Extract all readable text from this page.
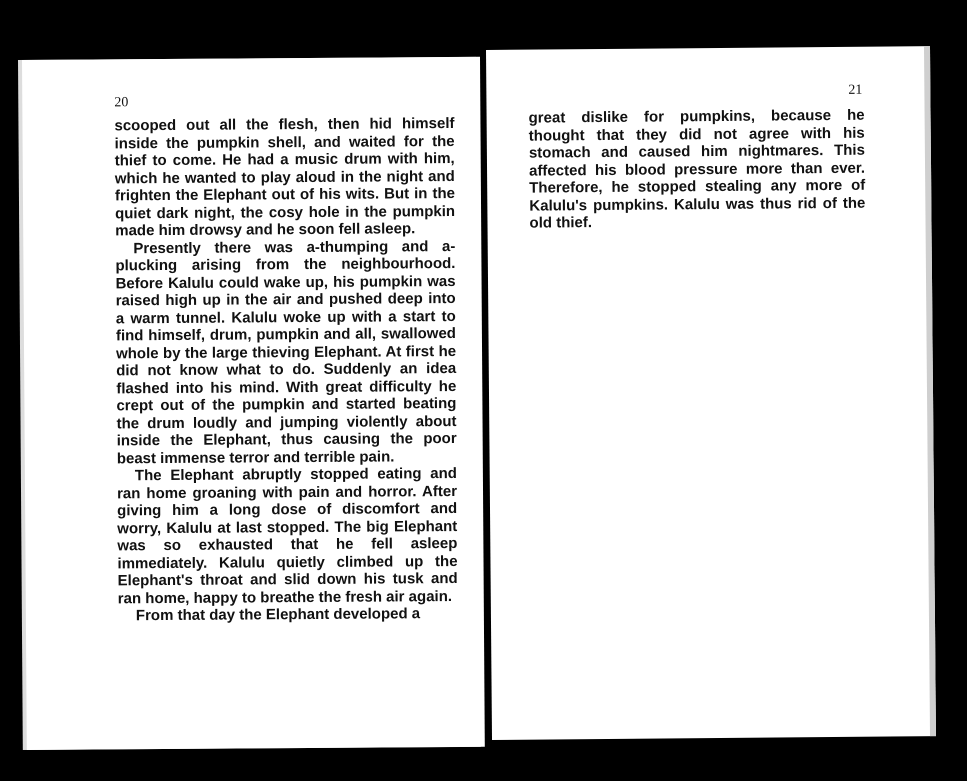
20

scooped out all the flesh, then hid himself inside the pumpkin shell, and waited for the thief to come. He had a music drum with him, which he wanted to play aloud in the night and frighten the Elephant out of his wits. But in the quiet dark night, the cosy hole in the pumpkin made him drowsy and he soon fell asleep.

Presently there was a-thumping and a-plucking arising from the neighbourhood. Before Kalulu could wake up, his pumpkin was raised high up in the air and pushed deep into a warm tunnel. Kalulu woke up with a start to find himself, drum, pumpkin and all, swallowed whole by the large thieving Elephant. At first he did not know what to do. Suddenly an idea flashed into his mind. With great difficulty he crept out of the pumpkin and started beating the drum loudly and jumping violently about inside the Elephant, thus causing the poor beast immense terror and terrible pain.

The Elephant abruptly stopped eating and ran home groaning with pain and horror. After giving him a long dose of discomfort and worry, Kalulu at last stopped. The big Elephant was so exhausted that he fell asleep immediately. Kalulu quietly climbed up the Elephant's throat and slid down his tusk and ran home, happy to breathe the fresh air again.

From that day the Elephant developed a

21

great dislike for pumpkins, because he thought that they did not agree with his stomach and caused him nightmares. This affected his blood pressure more than ever. Therefore, he stopped stealing any more of Kalulu's pumpkins. Kalulu was thus rid of the old thief.
